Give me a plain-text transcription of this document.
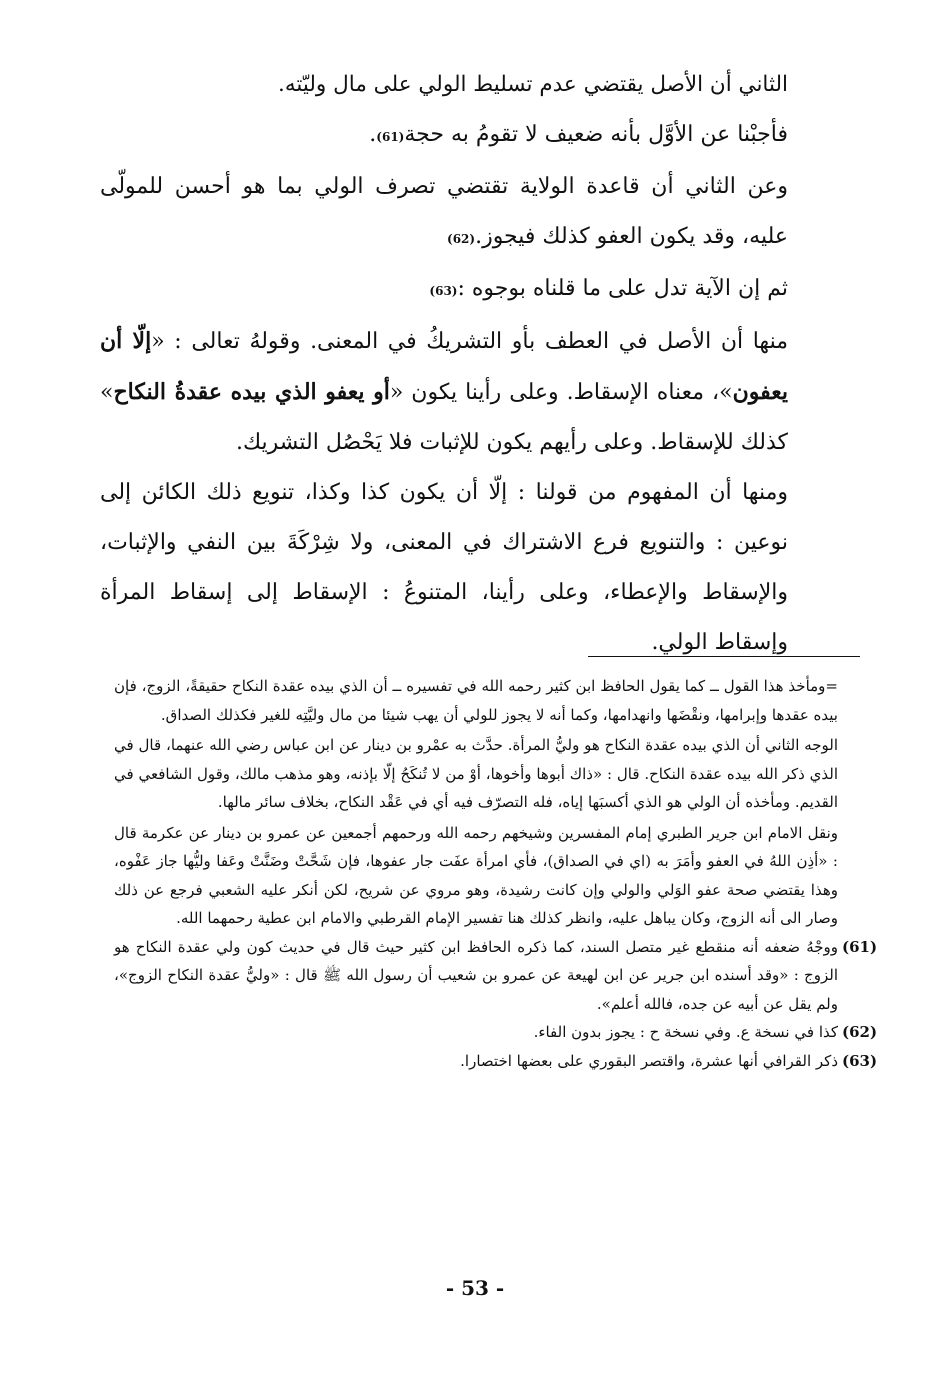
الثاني أن الأصل يقتضي عدم تسليط الولي على مال وليّته.

فأجبْنا عن الأوَّل بأنه ضعيف لا تقومُ به حجة(61).

وعن الثاني أن قاعدة الولاية تقتضي تصرف الولي بما هو أحسن للمولّى عليه، وقد يكون العفو كذلك فيجوز.(62)

ثم إن الآية تدل على ما قلناه بوجوه :(63)

منها أن الأصل في العطف بأو التشريكُ في المعنى. وقولهُ تعالى : «إلّا أن يعفون»، معناه الإسقاط. وعلى رأينا يكون «أو يعفو الذي بيده عقدةُ النكاح» كذلك للإسقاط. وعلى رأيهم يكون للإثبات فلا يَحْصُل التشريك.

ومنها أن المفهوم من قولنا : إلّا أن يكون كذا وكذا، تنويع ذلك الكائن إلى نوعين : والتنويع فرع الاشتراك في المعنى، ولا شِرْكَةَ بين النفي والإثبات، والإسقاط والإعطاء، وعلى رأينا، المتنوعُ : الإسقاط إلى إسقاط المرأة وإسقاط الولي.

=ومأخذ هذا القول ــ كما يقول الحافظ ابن كثير رحمه الله في تفسيره ــ أن الذي بيده عقدة النكاح حقيقةً، الزوج، فإن بيده عقدها وإبرامها، ونقْضَها وانهدامها، وكما أنه لا يجوز للولي أن يهب شيئا من مال وليَّتِه للغير فكذلك الصداق.

الوجه الثاني أن الذي بيده عقدة النكاح هو وليُّ المرأة. حدَّث به عمْرو بن دينار عن ابن عباس رضي الله عنهما، قال في الذي ذكر الله بيده عقدة النكاح. قال : «ذاك أبوها وأخوها، أوْ من لا تُنكَحُ إلّا بإذنه، وهو مذهب مالك، وقول الشافعي في القديم. ومأخذه أن الولي هو الذي أكسبَها إياه، فله التصرّف فيه أي في عَقْد النكاح، بخلاف سائر مالها.

ونقل الامام ابن جرير الطبري إمام المفسرين وشيخهم رحمه الله ورحمهم أجمعين عن عمرو بن دينار عن عكرمة قال : «أذِن اللهُ في العفو وأمَرَ به (اي في الصداق)، فأي امرأة عفَت جار عفوها، فإن شَحَّتْ وضَنَّتْ وعَفا وليُّها جاز عَفْوه، وهذا يقتضي صحة عفو الوَلي والولي وإن كانت رشيدة، وهو مروي عن شريح، لكن أنكر عليه الشعبي فرجع عن ذلك وصار الى أنه الزوج، وكان يباهل عليه، وانظر كذلك هنا تفسير الإمام القرطبي والامام ابن عطية رحمهما الله.

(61)
ووجْهُ ضعفه أنه منقطع غير متصل السند، كما ذكره الحافظ ابن كثير حيث قال في حديث كون ولي عقدة النكاح هو الزوج : «وقد أسنده ابن جرير عن ابن لهيعة عن عمرو بن شعيب أن رسول الله ﷺ قال : «وليُّ عقدة النكاح الزوج»، ولم يقل عن أبيه عن جده، فالله أعلم».
(62)
كذا في نسخة ع. وفي نسخة ح : يجوز بدون الفاء.
(63)
ذكر القرافي أنها عشرة، واقتصر البقوري على بعضها اختصارا.
- 53 -
